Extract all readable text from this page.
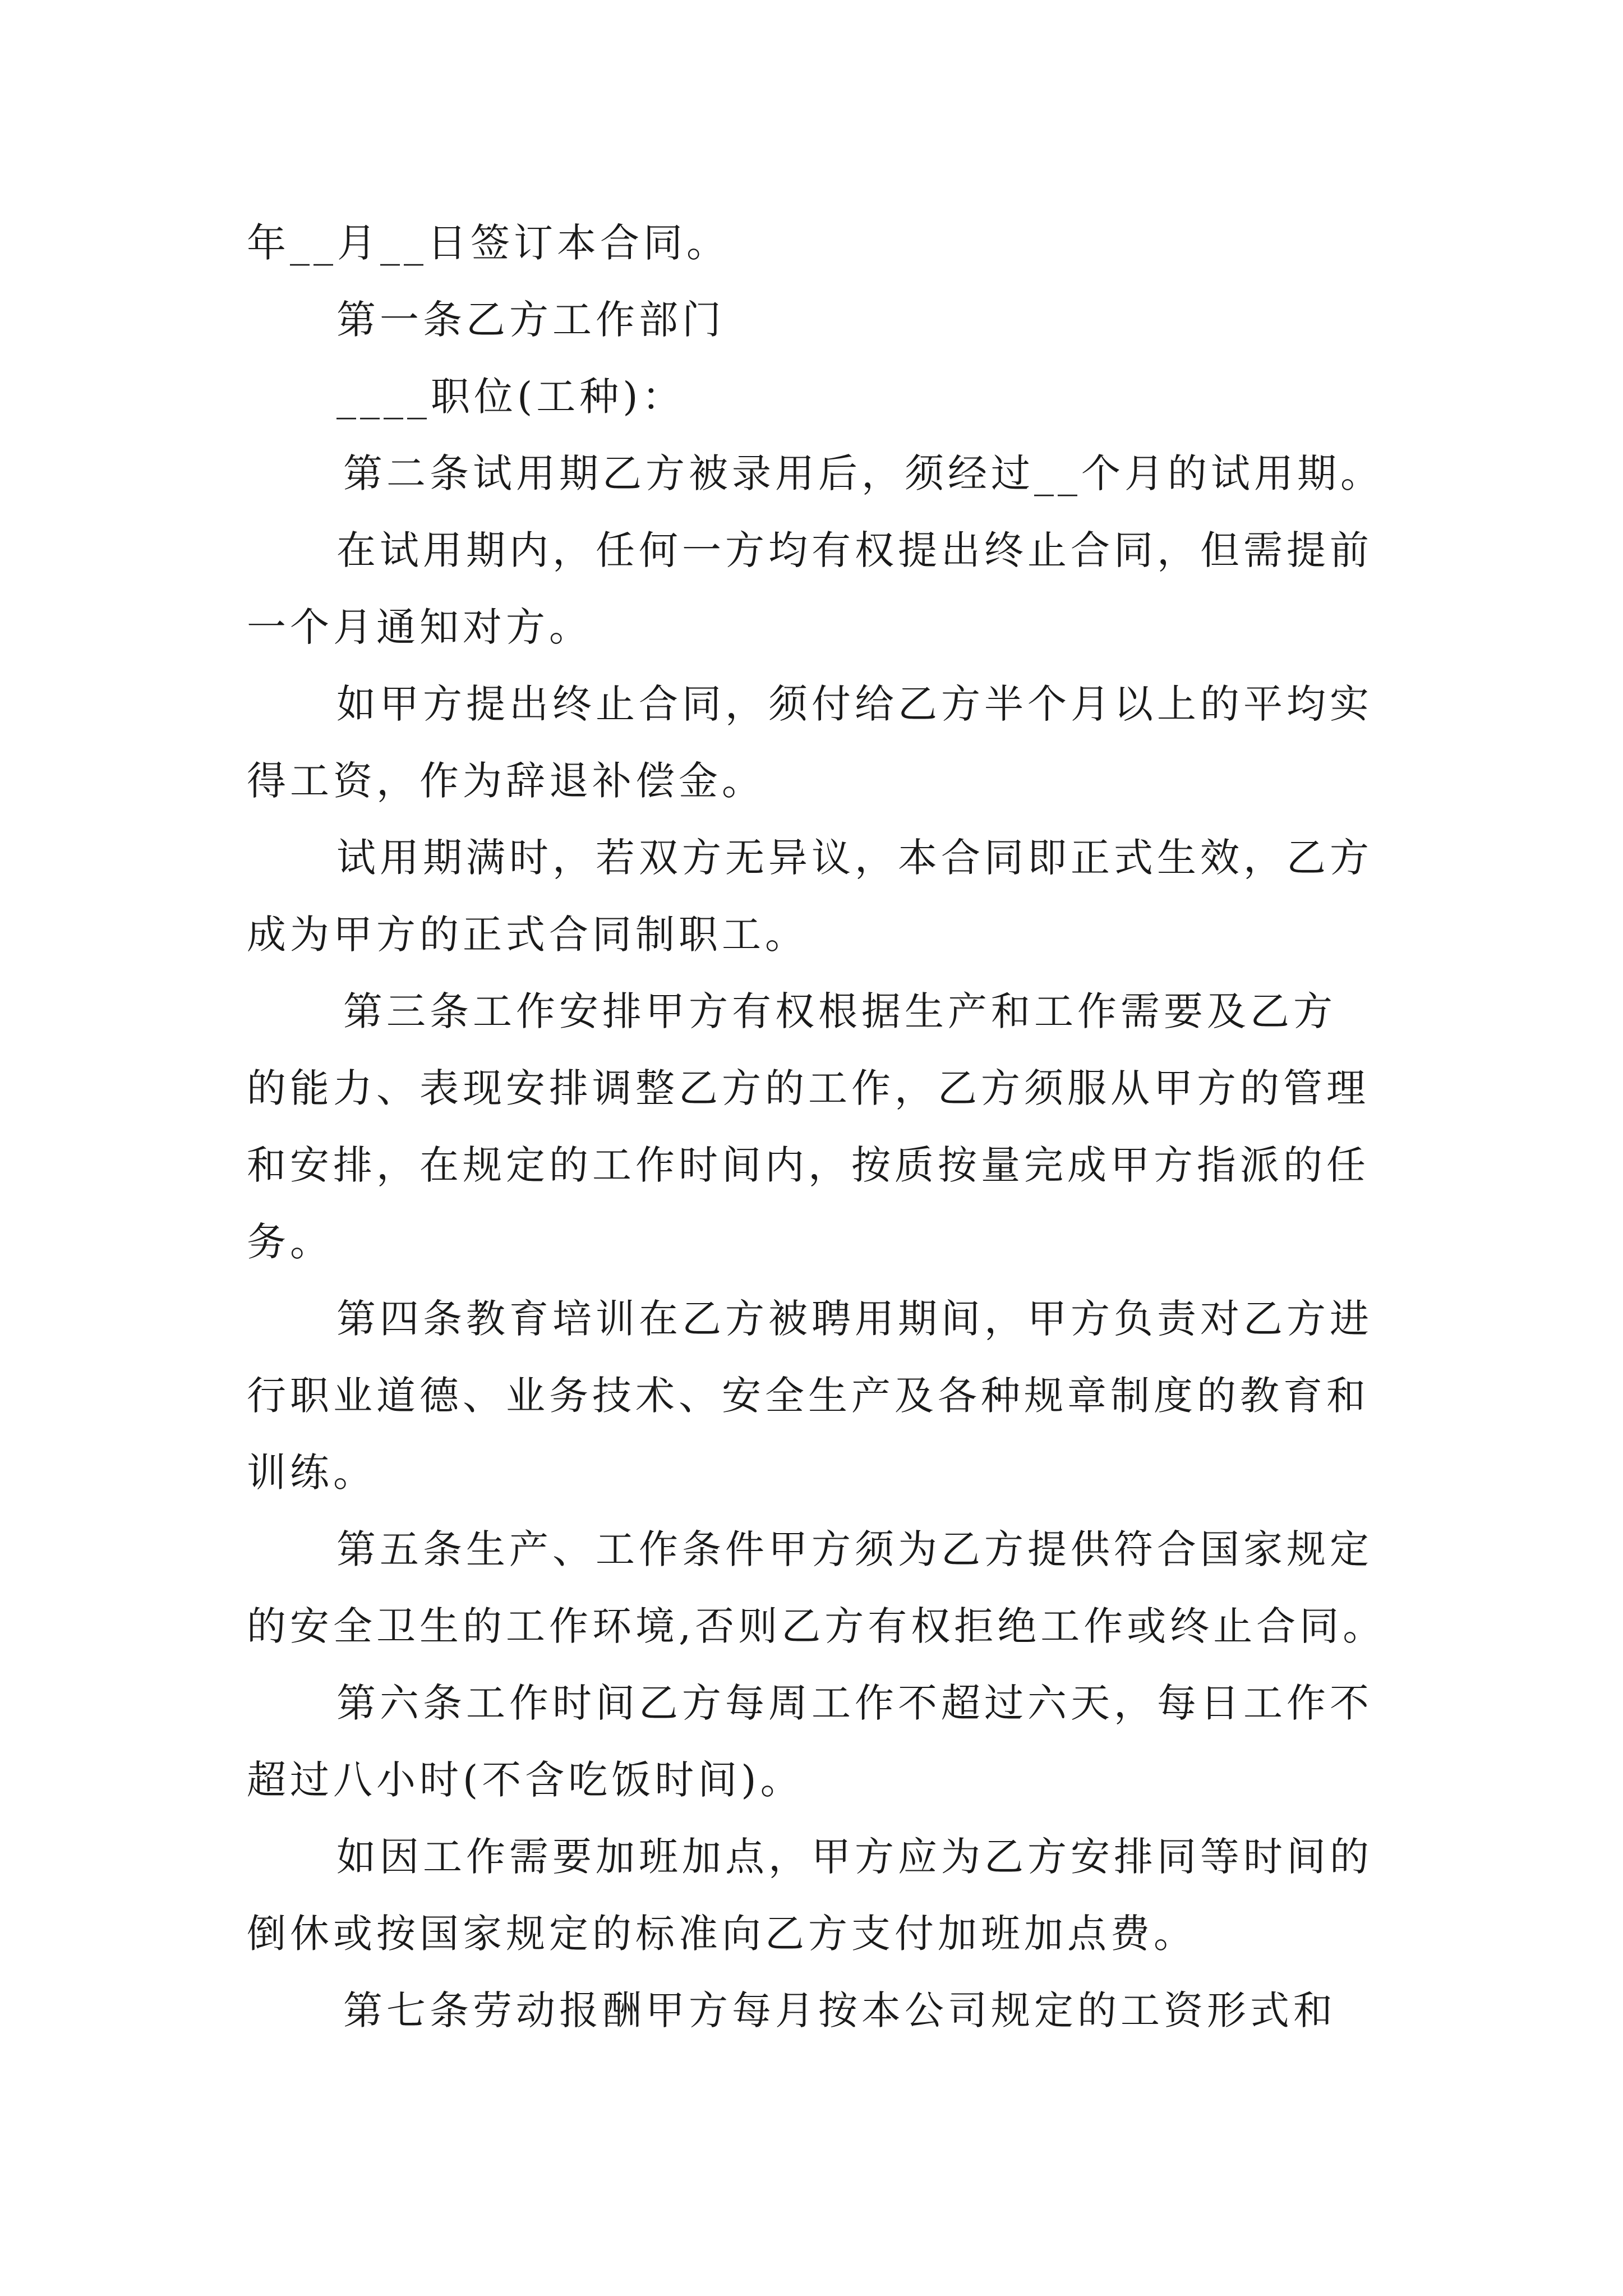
年__月__日签订本合同。
第一条乙方工作部门
____职位(工种)：
第二条试用期乙方被录用后，须经过__个月的试用期。
在试用期内，任何一方均有权提出终止合同，但需提前
一个月通知对方。
如甲方提出终止合同，须付给乙方半个月以上的平均实
得工资，作为辞退补偿金。
试用期满时，若双方无异议，本合同即正式生效，乙方
成为甲方的正式合同制职工。
第三条工作安排甲方有权根据生产和工作需要及乙方
的能力、表现安排调整乙方的工作，乙方须服从甲方的管理
和安排，在规定的工作时间内，按质按量完成甲方指派的任
务。
第四条教育培训在乙方被聘用期间，甲方负责对乙方进
行职业道德、业务技术、安全生产及各种规章制度的教育和
训练。
第五条生产、工作条件甲方须为乙方提供符合国家规定
的安全卫生的工作环境,否则乙方有权拒绝工作或终止合同。
第六条工作时间乙方每周工作不超过六天，每日工作不
超过八小时(不含吃饭时间)。
如因工作需要加班加点，甲方应为乙方安排同等时间的
倒休或按国家规定的标准向乙方支付加班加点费。
第七条劳动报酬甲方每月按本公司规定的工资形式和
